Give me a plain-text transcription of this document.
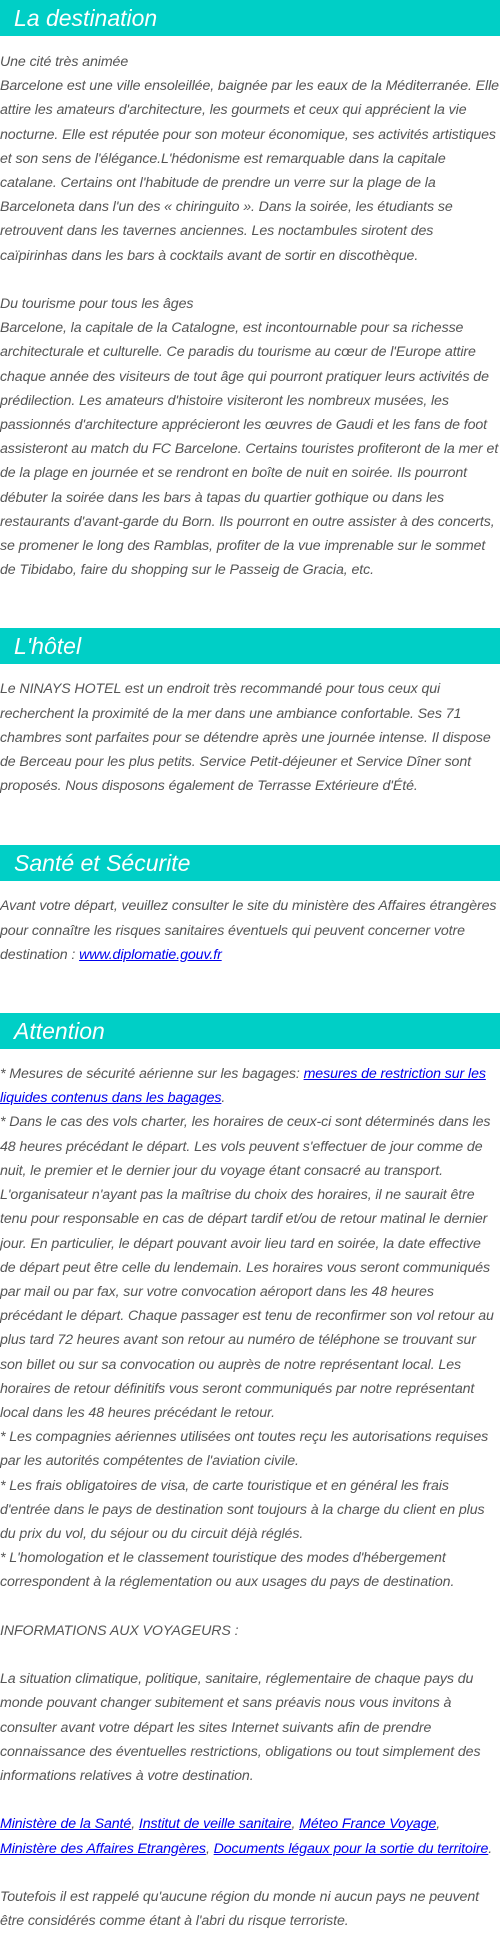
La destination

Une cité très animée
Barcelone est une ville ensoleillée, baignée par les eaux de la Méditerranée. Elle attire les amateurs d'architecture, les gourmets et ceux qui apprécient la vie nocturne. Elle est réputée pour son moteur économique, ses activités artistiques et son sens de l'élégance.L'hédonisme est remarquable dans la capitale catalane. Certains ont l'habitude de prendre un verre sur la plage de la Barceloneta dans l'un des « chiringuito ». Dans la soirée, les étudiants se retrouvent dans les tavernes anciennes. Les noctambules sirotent des caïpirinhas dans les bars à cocktails avant de sortir en discothèque.

Du tourisme pour tous les âges
Barcelone, la capitale de la Catalogne, est incontournable pour sa richesse architecturale et culturelle. Ce paradis du tourisme au cœur de l'Europe attire chaque année des visiteurs de tout âge qui pourront pratiquer leurs activités de prédilection. Les amateurs d'histoire visiteront les nombreux musées, les passionnés d'architecture apprécieront les œuvres de Gaudi et les fans de foot assisteront au match du FC Barcelone. Certains touristes profiteront de la mer et de la plage en journée et se rendront en boîte de nuit en soirée. Ils pourront débuter la soirée dans les bars à tapas du quartier gothique ou dans les restaurants d'avant-garde du Born. Ils pourront en outre assister à des concerts, se promener le long des Ramblas, profiter de la vue imprenable sur le sommet de Tibidabo, faire du shopping sur le Passeig de Gracia, etc.

L'hôtel

Le NINAYS HOTEL est un endroit très recommandé pour tous ceux qui recherchent la proximité de la mer dans une ambiance confortable. Ses 71 chambres sont parfaites pour se détendre après une journée intense. Il dispose de Berceau pour les plus petits. Service Petit-déjeuner et Service Dîner sont proposés. Nous disposons également de Terrasse Extérieure d'Été.

Santé et Sécurite

Avant votre départ, veuillez consulter le site du ministère des Affaires étrangères pour connaître les risques sanitaires éventuels qui peuvent concerner votre destination : www.diplomatie.gouv.fr

Attention

* Mesures de sécurité aérienne sur les bagages: mesures de restriction sur les liquides contenus dans les bagages.

* Dans le cas des vols charter, les horaires de ceux-ci sont déterminés dans les 48 heures précédant le départ. Les vols peuvent s'effectuer de jour comme de nuit, le premier et le dernier jour du voyage étant consacré au transport. L'organisateur n'ayant pas la maîtrise du choix des horaires, il ne saurait être tenu pour responsable en cas de départ tardif et/ou de retour matinal le dernier jour. En particulier, le départ pouvant avoir lieu tard en soirée, la date effective de départ peut être celle du lendemain. Les horaires vous seront communiqués par mail ou par fax, sur votre convocation aéroport dans les 48 heures précédant le départ. Chaque passager est tenu de reconfirmer son vol retour au plus tard 72 heures avant son retour au numéro de téléphone se trouvant sur son billet ou sur sa convocation ou auprès de notre représentant local. Les horaires de retour définitifs vous seront communiqués par notre représentant local dans les 48 heures précédant le retour.

* Les compagnies aériennes utilisées ont toutes reçu les autorisations requises par les autorités compétentes de l'aviation civile.

* Les frais obligatoires de visa, de carte touristique et en général les frais d'entrée dans le pays de destination sont toujours à la charge du client en plus du prix du vol, du séjour ou du circuit déjà réglés.

* L'homologation et le classement touristique des modes d'hébergement correspondent à la réglementation ou aux usages du pays de destination.

INFORMATIONS AUX VOYAGEURS :

La situation climatique, politique, sanitaire, réglementaire de chaque pays du monde pouvant changer subitement et sans préavis nous vous invitons à consulter avant votre départ les sites Internet suivants afin de prendre connaissance des éventuelles restrictions, obligations ou tout simplement des informations relatives à votre destination.

Ministère de la Santé, Institut de veille sanitaire, Méteo France Voyage, Ministère des Affaires Etrangères, Documents légaux pour la sortie du territoire.

Toutefois il est rappelé qu'aucune région du monde ni aucun pays ne peuvent être considérés comme étant à l'abri du risque terroriste.
